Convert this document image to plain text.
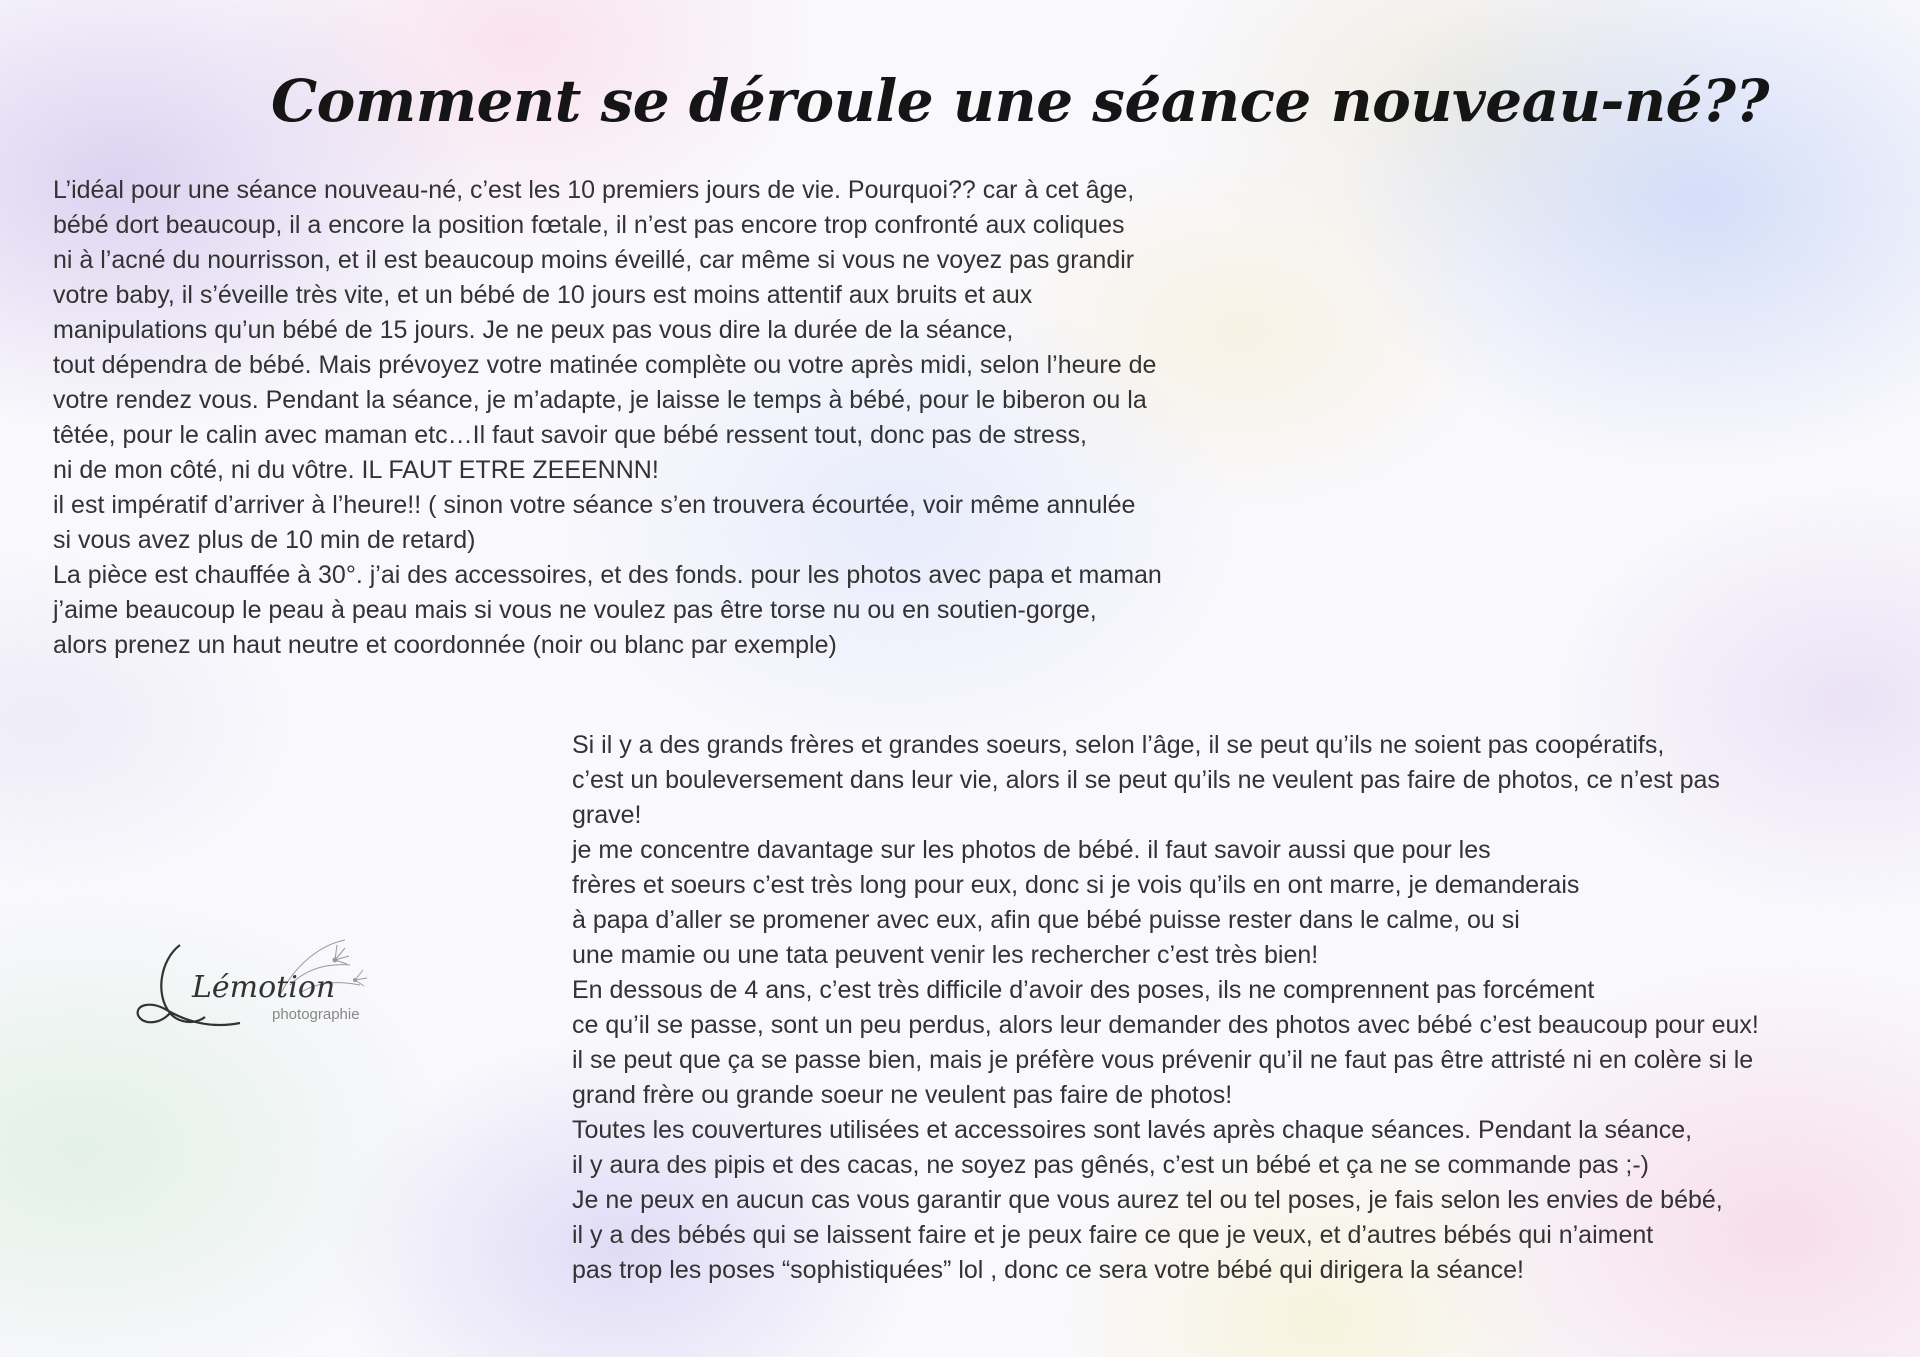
Comment se déroule une séance nouveau-né??

L’idéal pour une séance nouveau-né, c’est les 10 premiers jours de vie. Pourquoi?? car à cet âge,
bébé dort beaucoup, il a encore la position fœtale, il n’est pas encore trop confronté aux coliques
ni à l’acné du nourrisson, et il est beaucoup moins éveillé, car même si vous ne voyez pas grandir
votre baby, il s’éveille très vite, et un bébé de 10 jours est moins attentif aux bruits et aux
manipulations qu’un bébé de 15 jours. Je ne peux pas vous dire la durée de la séance,
tout dépendra de bébé. Mais prévoyez votre matinée complète ou votre après midi, selon l’heure de
votre rendez vous. Pendant la séance, je m’adapte, je laisse le temps à bébé, pour le biberon ou la
têtée, pour le calin avec maman etc…Il faut savoir que bébé ressent tout, donc pas de stress,
ni de mon côté, ni du vôtre. IL FAUT ETRE ZEEENNN!
il est impératif d’arriver à l’heure!! ( sinon votre séance s’en trouvera écourtée, voir même annulée
si vous avez plus de 10 min de retard)
La pièce est chauffée à 30°. j’ai des accessoires, et des fonds. pour les photos avec papa et maman
j’aime beaucoup le peau à peau mais si vous ne voulez pas être torse nu ou en soutien-gorge,
alors prenez un haut neutre et coordonnée (noir ou blanc par exemple)

Lémotion
photographie

Si il y a des grands frères et grandes soeurs, selon l’âge, il se peut qu’ils ne soient pas coopératifs,
c’est un bouleversement dans leur vie, alors il se peut qu’ils ne veulent pas faire de photos, ce n’est pas
grave!
je me concentre davantage sur les photos de bébé. il faut savoir aussi que pour les
frères et soeurs c’est très long pour eux, donc si je vois qu’ils en ont marre, je demanderais
à papa d’aller se promener avec eux, afin que bébé puisse rester dans le calme, ou si
une mamie ou une tata peuvent venir les rechercher c’est très bien!
En dessous de 4 ans, c’est très difficile d’avoir des poses, ils ne comprennent pas forcément
ce qu’il se passe, sont un peu perdus, alors leur demander des photos avec bébé c’est beaucoup pour eux!
il se peut que ça se passe bien, mais je préfère vous prévenir qu’il ne faut pas être attristé ni en colère si le
grand frère ou grande soeur ne veulent pas faire de photos!
Toutes les couvertures utilisées et accessoires sont lavés après chaque séances. Pendant la séance,
il y aura des pipis et des cacas, ne soyez pas gênés, c’est un bébé et ça ne se commande pas ;-)
Je ne peux en aucun cas vous garantir que vous aurez tel ou tel poses, je fais selon les envies de bébé,
il y a des bébés qui se laissent faire et je peux faire ce que je veux, et d’autres bébés qui n’aiment
pas trop les poses “sophistiquées” lol , donc ce sera votre bébé qui dirigera la séance!
